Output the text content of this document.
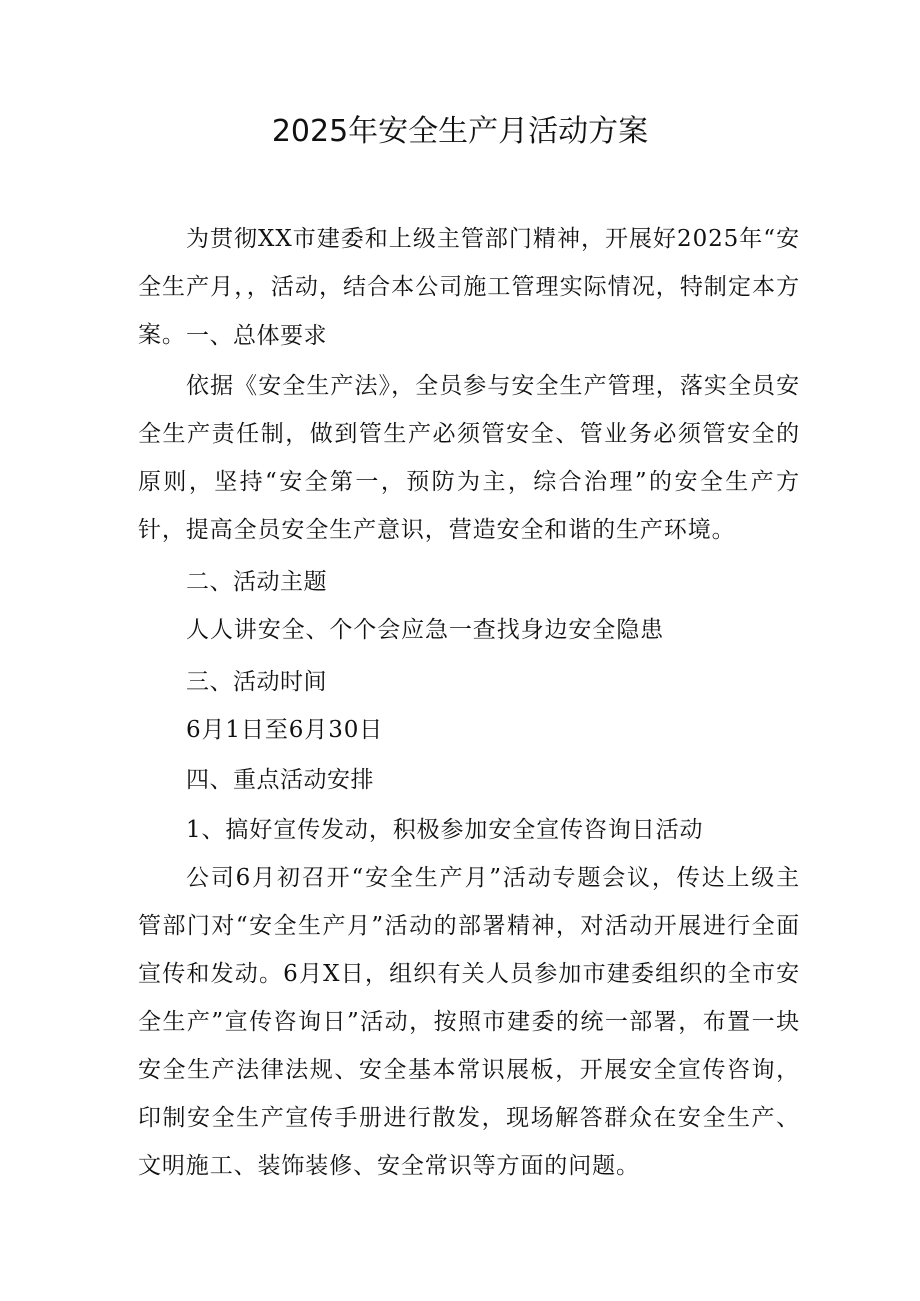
2025年安全生产月活动方案
为贯彻XX市建委和上级主管部门精神，开展好2025年“安全生产月，，活动，结合本公司施工管理实际情况，特制定本方案。 一、总体要求
依据《安全生产法》，全员参与安全生产管理，落实全员安全生产责任制，做到管生产必须管安全、管业务必须管安全的原则，坚持“安全第一，预防为主，综合治理”的安全生产方针，提高全员安全生产意识，营造安全和谐的生产环境。
二、活动主题
人人讲安全、个个会应急一查找身边安全隐患
三、活动时间
6月1日至6月30日
四、重点活动安排
1、搞好宣传发动，积极参加安全宣传咨询日活动
公司6月初召开“安全生产月”活动专题会议，传达上级主管部门对“安全生产月”活动的部署精神，对活动开展进行全面宣传和发动。6月X日，组织有关人员参加市建委组织的全市安全生产”宣传咨询日”活动，按照市建委的统一部署，布置一块安全生产法律法规、安全基本常识展板，开展安全宣传咨询，印制安全生产宣传手册进行散发，现场解答群众在安全生产、文明施工、装饰装修、安全常识等方面的问题。
